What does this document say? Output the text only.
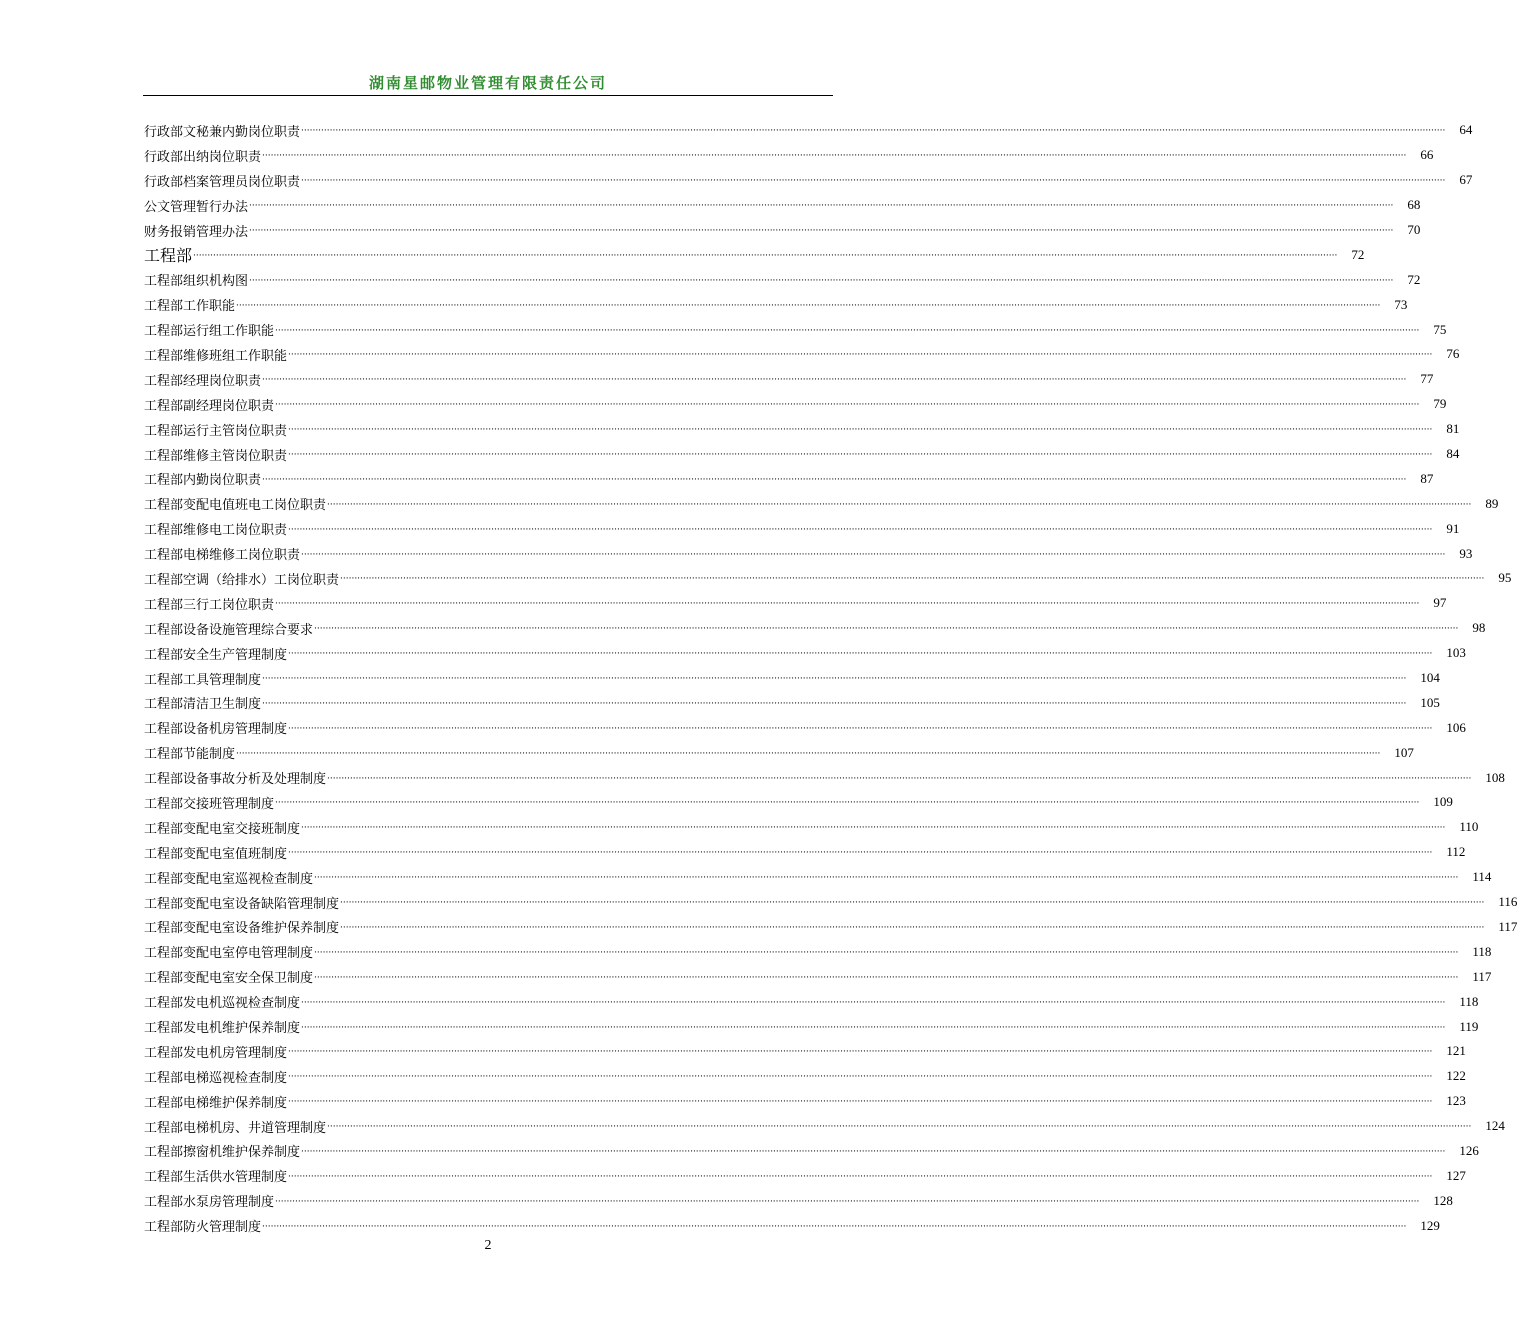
湖南星邮物业管理有限责任公司
行政部文秘兼内勤岗位职责 ················································································································································································································································································································································································································ 64
行政部出纳岗位职责 ················································································································································································································································································································································································································ 66
行政部档案管理员岗位职责 ················································································································································································································································································································································································································ 67
公文管理暂行办法 ················································································································································································································································································································································································································ 68
财务报销管理办法 ················································································································································································································································································································································································································ 70
工程部 ················································································································································································································································································································································································································ 72
工程部组织机构图 ················································································································································································································································································································································································································ 72
工程部工作职能 ················································································································································································································································································································································································································ 73
工程部运行组工作职能 ················································································································································································································································································································································································································ 75
工程部维修班组工作职能 ················································································································································································································································································································································································································ 76
工程部经理岗位职责 ················································································································································································································································································································································································································ 77
工程部副经理岗位职责 ················································································································································································································································································································································································································ 79
工程部运行主管岗位职责 ················································································································································································································································································································································································································ 81
工程部维修主管岗位职责 ················································································································································································································································································································································································································ 84
工程部内勤岗位职责 ················································································································································································································································································································································································································ 87
工程部变配电值班电工岗位职责 ················································································································································································································································································································································································································ 89
工程部维修电工岗位职责 ················································································································································································································································································································································································································ 91
工程部电梯维修工岗位职责 ················································································································································································································································································································································································································ 93
工程部空调（给排水）工岗位职责 ················································································································································································································································································································································································································ 95
工程部三行工岗位职责 ················································································································································································································································································································································································································ 97
工程部设备设施管理综合要求 ················································································································································································································································································································································································································ 98
工程部安全生产管理制度 ················································································································································································································································································································································································································ 103
工程部工具管理制度 ················································································································································································································································································································································································································ 104
工程部清洁卫生制度 ················································································································································································································································································································································································································ 105
工程部设备机房管理制度 ················································································································································································································································································································································································································ 106
工程部节能制度 ················································································································································································································································································································································································································ 107
工程部设备事故分析及处理制度 ················································································································································································································································································································································································································ 108
工程部交接班管理制度 ················································································································································································································································································································································································································ 109
工程部变配电室交接班制度 ················································································································································································································································································································································································································ 110
工程部变配电室值班制度 ················································································································································································································································································································································································································ 112
工程部变配电室巡视检查制度 ················································································································································································································································································································································································································ 114
工程部变配电室设备缺陷管理制度 ················································································································································································································································································································································································································ 116
工程部变配电室设备维护保养制度 ················································································································································································································································································································································································································ 117
工程部变配电室停电管理制度 ················································································································································································································································································································································································································ 118
工程部变配电室安全保卫制度 ················································································································································································································································································································································································································ 117
工程部发电机巡视检查制度 ················································································································································································································································································································································································································ 118
工程部发电机维护保养制度 ················································································································································································································································································································································································································ 119
工程部发电机房管理制度 ················································································································································································································································································································································································································ 121
工程部电梯巡视检查制度 ················································································································································································································································································································································································································ 122
工程部电梯维护保养制度 ················································································································································································································································································································································································································ 123
工程部电梯机房、井道管理制度 ················································································································································································································································································································································································································ 124
工程部擦窗机维护保养制度 ················································································································································································································································································································································································································ 126
工程部生活供水管理制度 ················································································································································································································································································································································································································ 127
工程部水泵房管理制度 ················································································································································································································································································································································································································ 128
工程部防火管理制度 ················································································································································································································································································································································································································ 129
2
